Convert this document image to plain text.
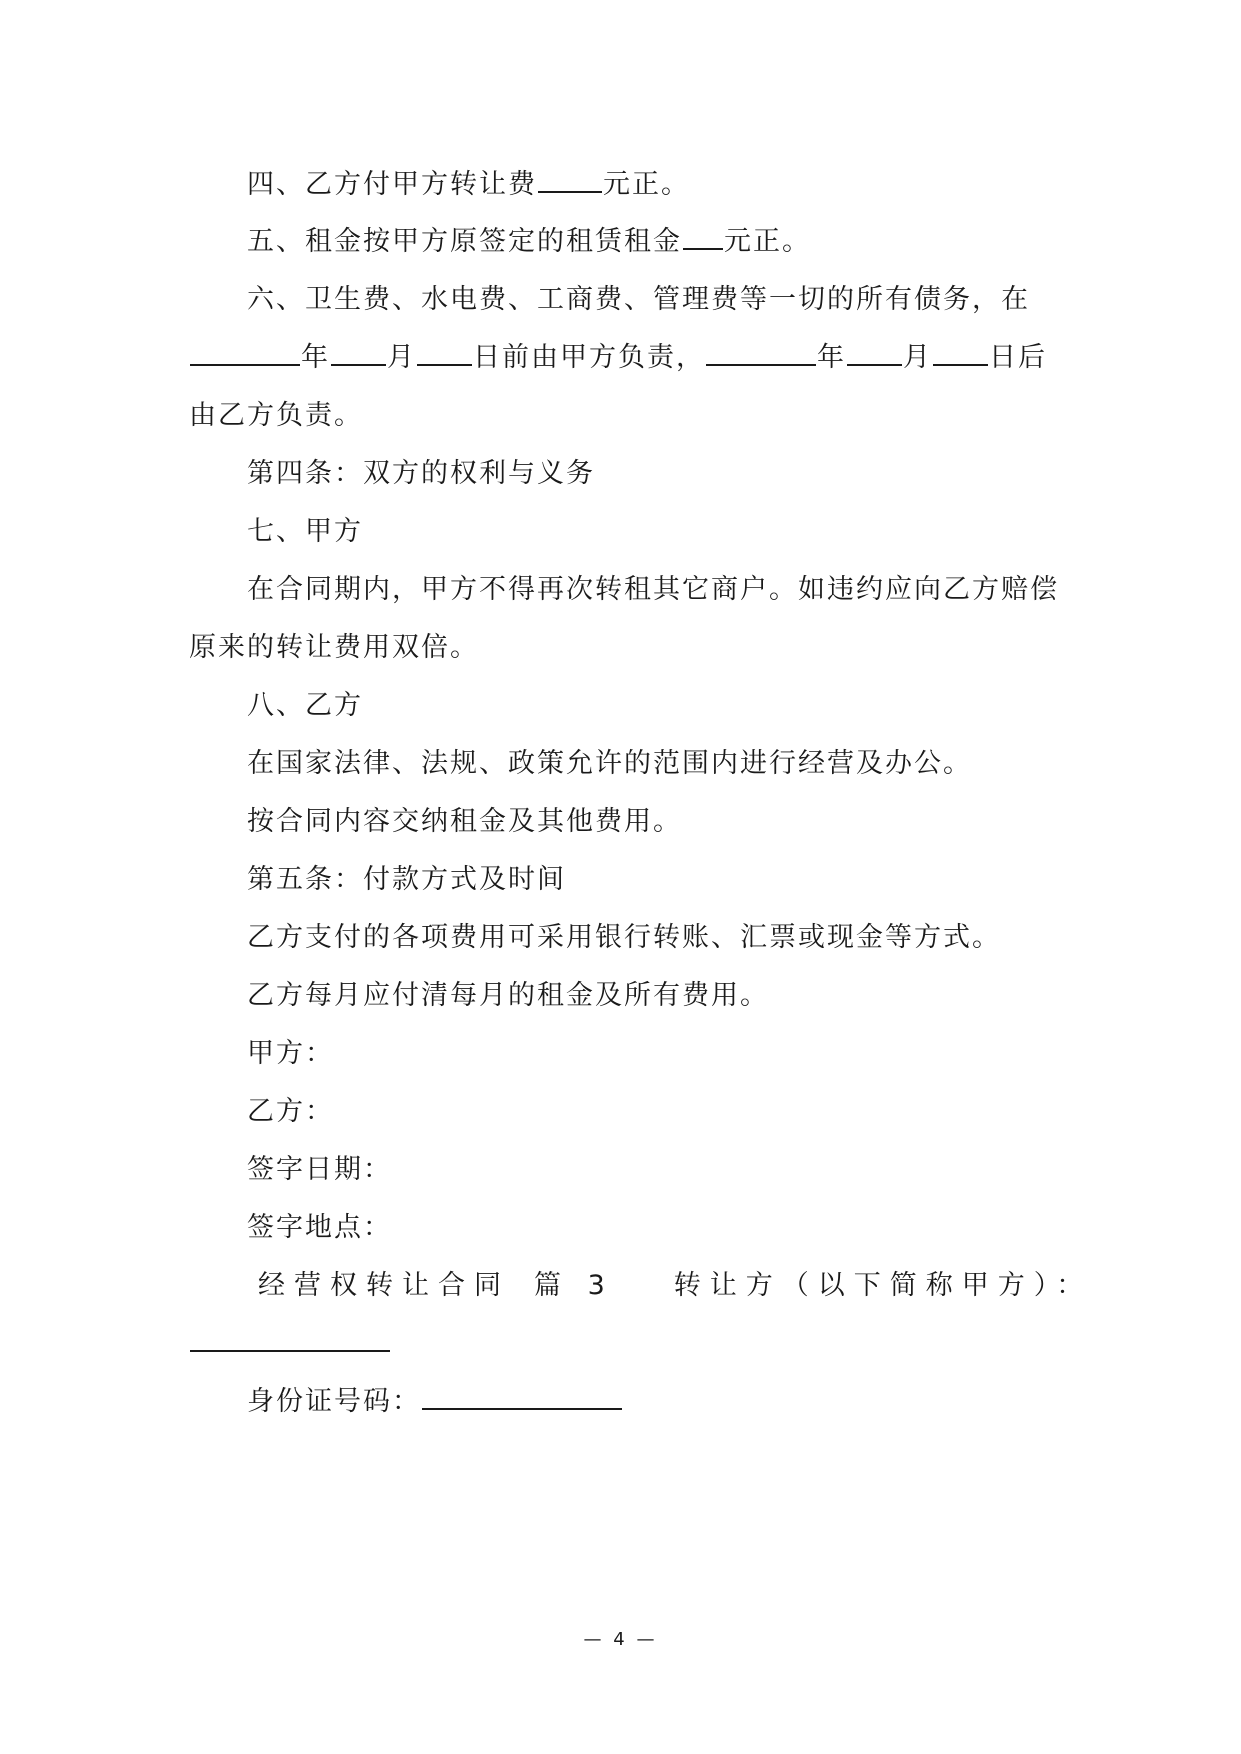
四、乙方付甲方转让费 元正。
五、租金按甲方原签定的租赁租金 元正。
六、卫生费、水电费、工商费、管理费等一切的所有债务，在
年 月 日前由甲方负责，	年 月 日后
由乙方负责。
第四条：双方的权利与义务
七、甲方
在合同期内，甲方不得再次转租其它商户。如违约应向乙方赔偿
原来的转让费用双倍。
八、乙方
在国家法律、法规、政策允许的范围内进行经营及办公。
按合同内容交纳租金及其他费用。
第五条：付款方式及时间
乙方支付的各项费用可采用银行转账、汇票或现金等方式。
乙方每月应付清每月的租金及所有费用。
甲方：
乙方：
签字日期：
签字地点：
经营权转让合同 篇 3 转让方（以下简称甲方）：
身份证号码：
— 4 —
